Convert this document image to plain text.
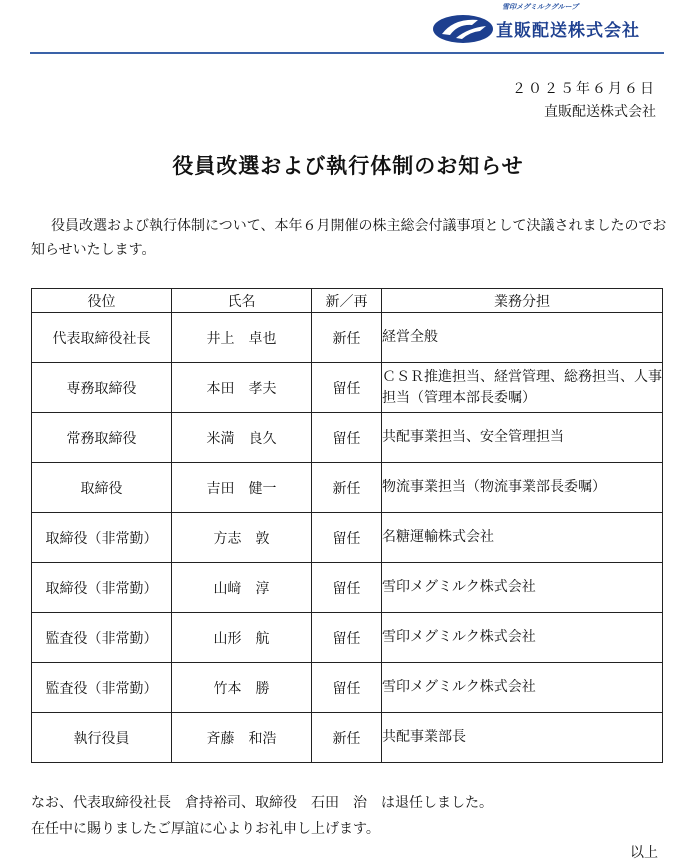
雪印メグミルクグループ
直販配送株式会社
２０２５年６月６日
直販配送株式会社
役員改選および執行体制のお知らせ
役員改選および執行体制について、本年６月開催の株主総会付議事項として決議されましたのでお知らせいたします。
役位	氏名	新／再	業務分担
代表取締役社長	井上　卓也	新任	経営全般
専務取締役	本田　孝夫	留任	ＣＳＲ推進担当、経営管理、総務担当、人事担当（管理本部長委嘱）
常務取締役	米満　良久	留任	共配事業担当、安全管理担当
取締役	吉田　健一	新任	物流事業担当（物流事業部長委嘱）
取締役（非常勤）	方志　敦	留任	名糖運輸株式会社
取締役（非常勤）	山﨑　淳	留任	雪印メグミルク株式会社
監査役（非常勤）	山形　航	留任	雪印メグミルク株式会社
監査役（非常勤）	竹本　勝	留任	雪印メグミルク株式会社
執行役員	斉藤　和浩	新任	共配事業部長
なお、代表取締役社長　倉持裕司、取締役　石田　治　は退任しました。
在任中に賜りましたご厚誼に心よりお礼申し上げます。
以上
